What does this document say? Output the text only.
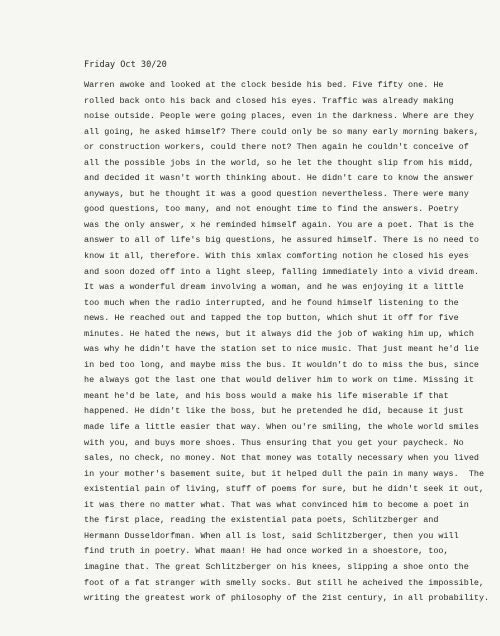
Friday Oct 30/20
Warren awoke and looked at the clock beside his bed. Five fifty one. He
rolled back onto his back and closed his eyes. Traffic was already making
noise outside. People were going places, even in the darkness. Where are they
all going, he asked himself? There could only be so many early morning bakers,
or construction workers, could there not? Then again he couldn't conceive of
all the possible jobs in the world, so he let the thought slip from his midd,
and decided it wasn't worth thinking about. He didn't care to know the answer
anyways, but he thought it was a good question nevertheless. There were many
good questions, too many, and not enought time to find the answers. Poetry
was the only answer, x he reminded himself again. You are a poet. That is the
answer to all of life's big questions, he assured himself. There is no need to
know it all, therefore. With this xmlax comforting notion he closed his eyes
and soon dozed off into a light sleep, falling immediately into a vivid dream.
It was a wonderful dream involving a woman, and he was enjoying it a little
too much when the radio interrupted, and he found himself listening to the
news. He reached out and tapped the top button, which shut it off for five
minutes. He hated the news, but it always did the job of waking him up, which
was why he didn't have the station set to nice music. That just meant he'd lie
in bed too long, and maybe miss the bus. It wouldn't do to miss the bus, since
he always got the last one that would deliver him to work on time. Missing it
meant he'd be late, and his boss would a make his life miserable if that
happened. He didn't like the boss, but he pretended he did, because it just
made life a little easier that way. When ou're smiling, the whole world smiles
with you, and buys more shoes. Thus ensuring that you get your paycheck. No
sales, no check, no money. Not that money was totally necessary when you lived
in your mother's basement suite, but it helped dull the pain in many ways.  The
existential pain of living, stuff of poems for sure, but he didn't seek it out,
it was there no matter what. That was what convinced him to become a poet in
the first place, reading the existential pata poets, Schlitzberger and
Hermann Dusseldorfman. When all is lost, said Schlitzberger, then you will
find truth in poetry. What maan! He had once worked in a shoestore, too,
imagine that. The great Schlitzberger on his knees, slipping a shoe onto the
foot of a fat stranger with smelly socks. But still he acheived the impossible,
writing the greatest work of philosophy of the 21st century, in all probability.
